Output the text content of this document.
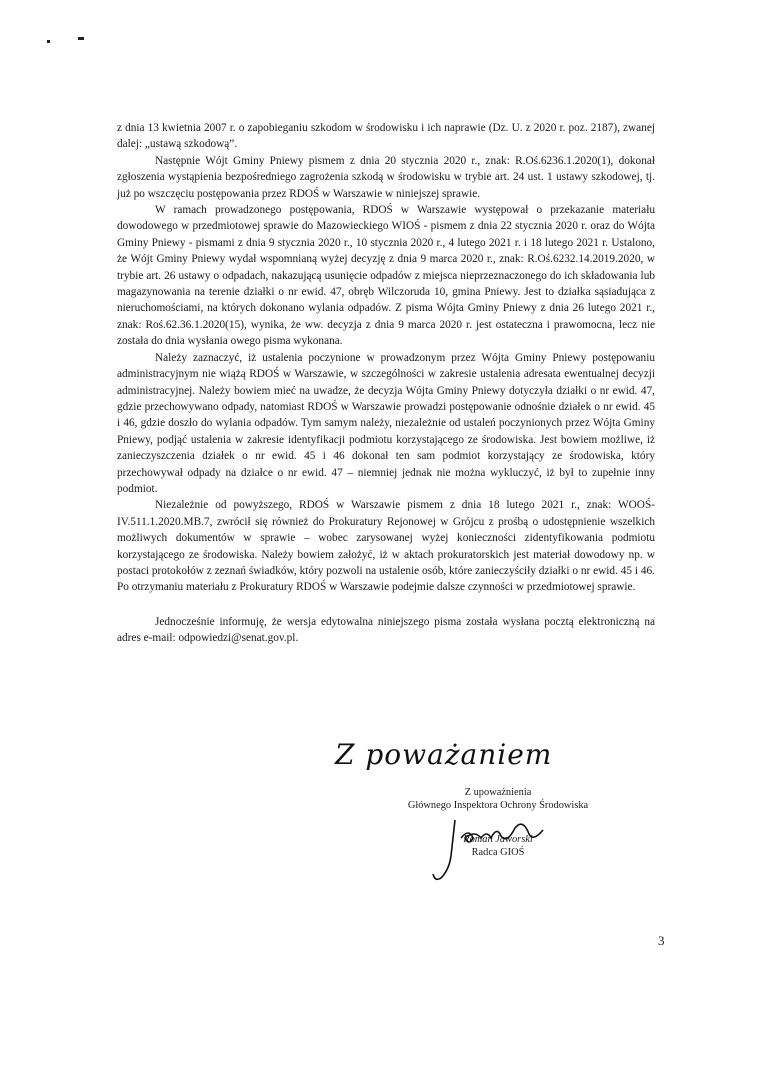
z dnia 13 kwietnia 2007 r. o zapobieganiu szkodom w środowisku i ich naprawie (Dz. U. z 2020 r. poz. 2187), zwanej dalej: „ustawą szkodową”.

Następnie Wójt Gminy Pniewy pismem z dnia 20 stycznia 2020 r., znak: R.Oś.6236.1.2020(1), dokonał zgłoszenia wystąpienia bezpośredniego zagrożenia szkodą w środowisku w trybie art. 24 ust. 1 ustawy szkodowej, tj. już po wszczęciu postępowania przez RDOŚ w Warszawie w niniejszej sprawie.

W ramach prowadzonego postępowania, RDOŚ w Warszawie występował o przekazanie materiału dowodowego w przedmiotowej sprawie do Mazowieckiego WIOŚ - pismem z dnia 22 stycznia 2020 r. oraz do Wójta Gminy Pniewy - pismami z dnia 9 stycznia 2020 r., 10 stycznia 2020 r., 4 lutego 2021 r. i 18 lutego 2021 r. Ustalono, że Wójt Gminy Pniewy wydał wspomnianą wyżej decyzję z dnia 9 marca 2020 r., znak: R.Oś.6232.14.2019.2020, w trybie art. 26 ustawy o odpadach, nakazującą usunięcie odpadów z miejsca nieprzeznaczonego do ich składowania lub magazynowania na terenie działki o nr ewid. 47, obręb Wilczoruda 10, gmina Pniewy. Jest to działka sąsiadująca z nieruchomościami, na których dokonano wylania odpadów. Z pisma Wójta Gminy Pniewy z dnia 26 lutego 2021 r., znak: Roś.62.36.1.2020(15), wynika, że ww. decyzja z dnia 9 marca 2020 r. jest ostateczna i prawomocna, lecz nie została do dnia wysłania owego pisma wykonana.

Należy zaznaczyć, iż ustalenia poczynione w prowadzonym przez Wójta Gminy Pniewy postępowaniu administracyjnym nie wiążą RDOŚ w Warszawie, w szczególności w zakresie ustalenia adresata ewentualnej decyzji administracyjnej. Należy bowiem mieć na uwadze, że decyzja Wójta Gminy Pniewy dotyczyła działki o nr ewid. 47, gdzie przechowywano odpady, natomiast RDOŚ w Warszawie prowadzi postępowanie odnośnie działek o nr ewid. 45 i 46, gdzie doszło do wylania odpadów. Tym samym należy, niezależnie od ustaleń poczynionych przez Wójta Gminy Pniewy, podjąć ustalenia w zakresie identyfikacji podmiotu korzystającego ze środowiska. Jest bowiem możliwe, iż zanieczyszczenia działek o nr ewid. 45 i 46 dokonał ten sam podmiot korzystający ze środowiska, który przechowywał odpady na działce o nr ewid. 47 – niemniej jednak nie można wykluczyć, iż był to zupełnie inny podmiot.

Niezależnie od powyższego, RDOŚ w Warszawie pismem z dnia 18 lutego 2021 r., znak: WOOŚ-IV.511.1.2020.MB.7, zwrócił się również do Prokuratury Rejonowej w Grójcu z prośbą o udostępnienie wszelkich możliwych dokumentów w sprawie – wobec zarysowanej wyżej konieczności zidentyfikowania podmiotu korzystającego ze środowiska. Należy bowiem założyć, iż w aktach prokuratorskich jest materiał dowodowy np. w postaci protokołów z zeznań świadków, który pozwoli na ustalenie osób, które zanieczyściły działki o nr ewid. 45 i 46. Po otrzymaniu materiału z Prokuratury RDOŚ w Warszawie podejmie dalsze czynności w przedmiotowej sprawie.

Jednocześnie informuję, że wersja edytowalna niniejszego pisma została wysłana pocztą elektroniczną na adres e-mail: odpowiedzi@senat.gov.pl.

Z poważaniem
Z upoważnienia
Głównego Inspektora Ochrony Środowiska
Roman Jaworski
Radca GIOŚ
3
